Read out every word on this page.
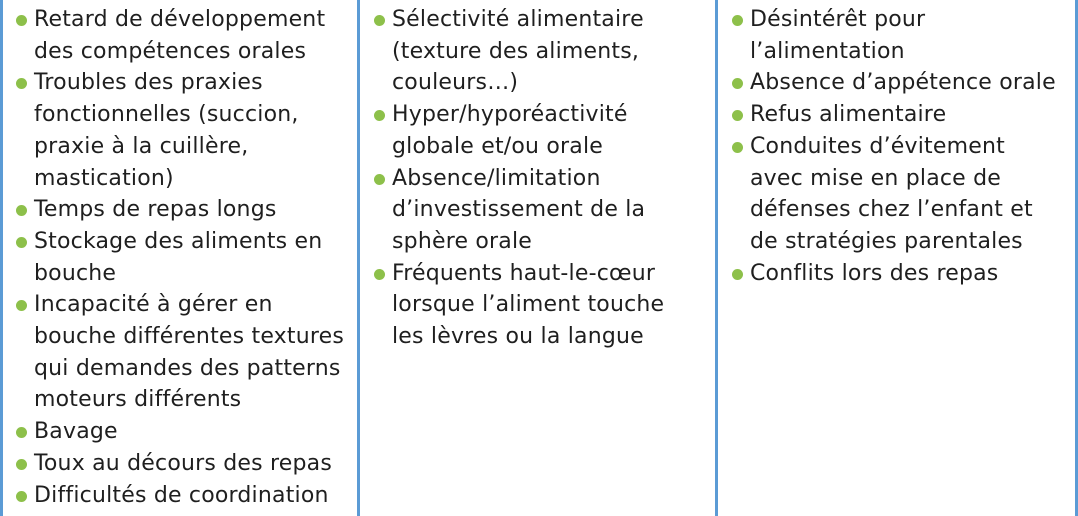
Retard de développement
des compétences orales
Troubles des praxies
fonctionnelles (succion,
praxie à la cuillère,
mastication)
Temps de repas longs
Stockage des aliments en
bouche
Incapacité à gérer en
bouche différentes textures
qui demandes des patterns
moteurs différents
Bavage
Toux au décours des repas
Difficultés de coordination
Sélectivité alimentaire
(texture des aliments,
couleurs…)
Hyper/hyporéactivité
globale et/ou orale
Absence/limitation
d’investissement de la
sphère orale
Fréquents haut-le-cœur
lorsque l’aliment touche
les lèvres ou la langue
Désintérêt pour
l’alimentation
Absence d’appétence orale
Refus alimentaire
Conduites d’évitement
avec mise en place de
défenses chez l’enfant et
de stratégies parentales
Conflits lors des repas
